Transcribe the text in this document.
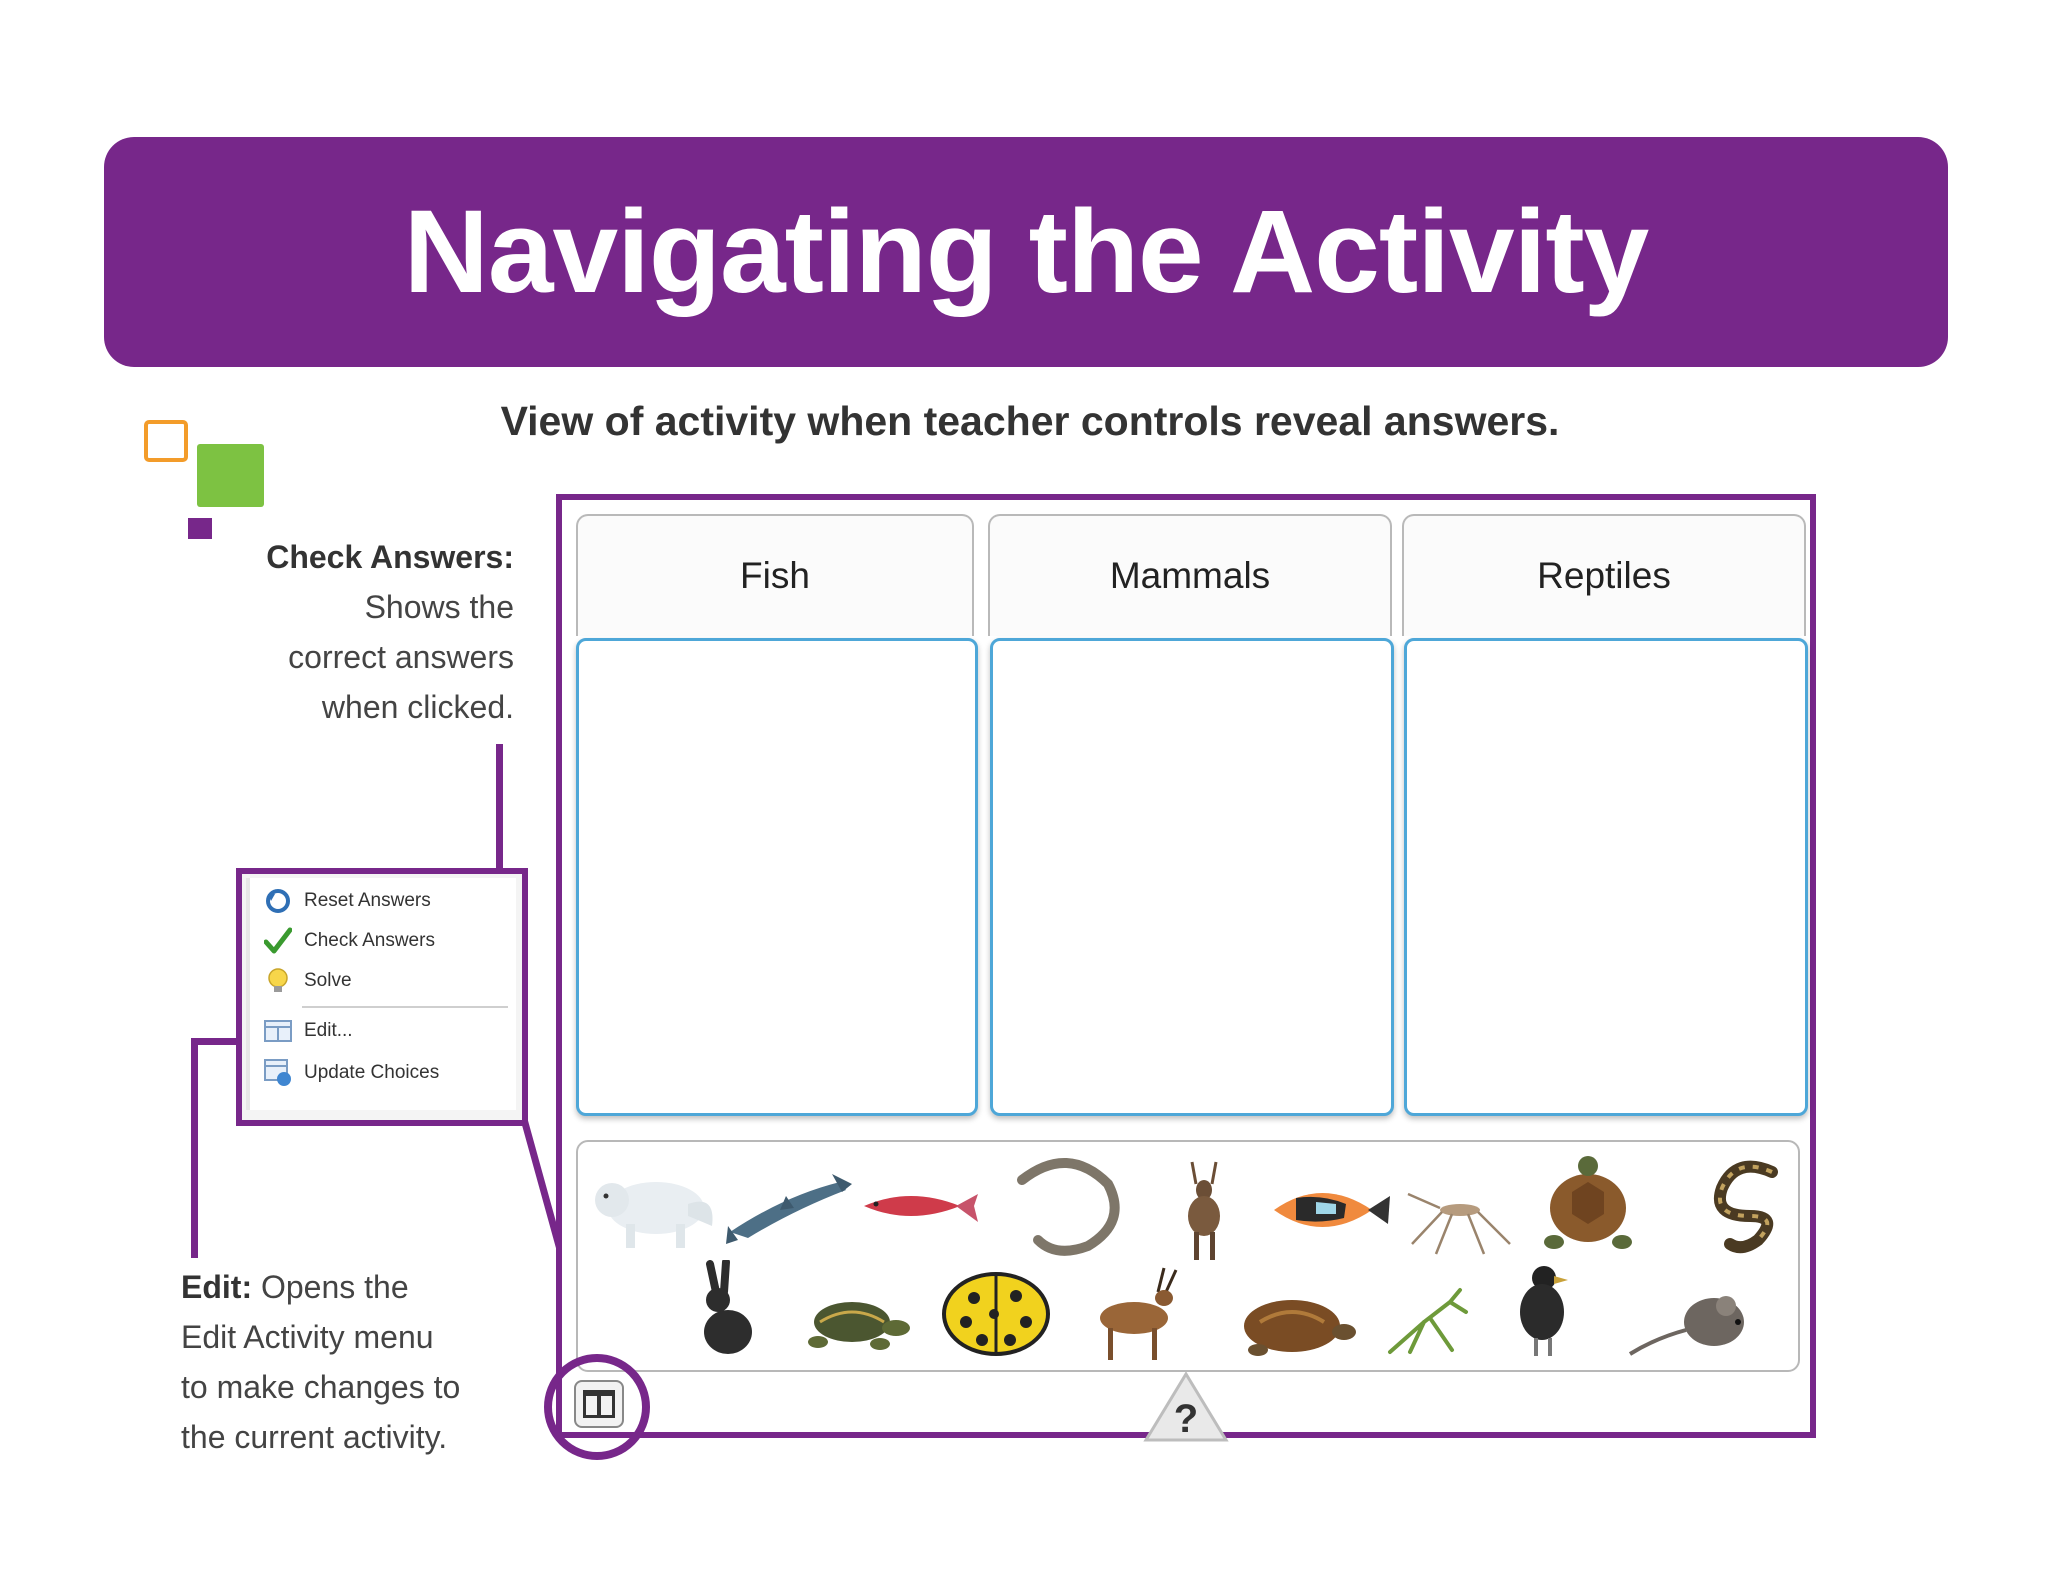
Navigating the Activity
View of activity when teacher controls reveal answers.
Check Answers:
Shows the
correct answers
when clicked.
Edit: Opens the
Edit Activity menu
to make changes to
the current activity.
Reset Answers
Check Answers
Solve
Edit...
Update Choices
Fish	Mammals	Reptiles
?
